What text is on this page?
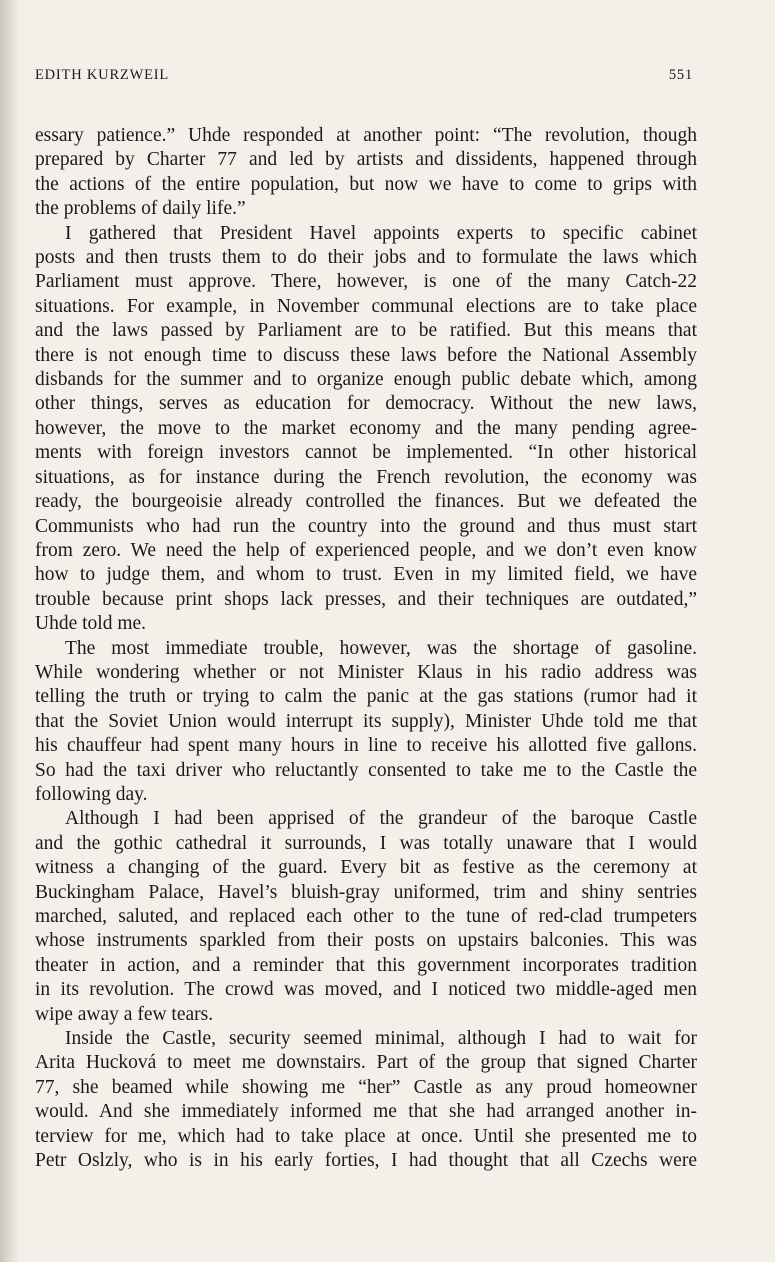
EDITH KURZWEIL	551
essary patience.” Uhde responded at another point: “The revolution, though
prepared by Charter 77 and led by artists and dissidents, happened through
the actions of the entire population, but now we have to come to grips with
the problems of daily life.”
I gathered that President Havel appoints experts to specific cabinet
posts and then trusts them to do their jobs and to formulate the laws which
Parliament must approve. There, however, is one of the many Catch-22
situations. For example, in November communal elections are to take place
and the laws passed by Parliament are to be ratified. But this means that
there is not enough time to discuss these laws before the National Assembly
disbands for the summer and to organize enough public debate which, among
other things, serves as education for democracy. Without the new laws,
however, the move to the market economy and the many pending agree-
ments with foreign investors cannot be implemented. “In other historical
situations, as for instance during the French revolution, the economy was
ready, the bourgeoisie already controlled the finances. But we defeated the
Communists who had run the country into the ground and thus must start
from zero. We need the help of experienced people, and we don’t even know
how to judge them, and whom to trust. Even in my limited field, we have
trouble because print shops lack presses, and their techniques are outdated,”
Uhde told me.
The most immediate trouble, however, was the shortage of gasoline.
While wondering whether or not Minister Klaus in his radio address was
telling the truth or trying to calm the panic at the gas stations (rumor had it
that the Soviet Union would interrupt its supply), Minister Uhde told me that
his chauffeur had spent many hours in line to receive his allotted five gallons.
So had the taxi driver who reluctantly consented to take me to the Castle the
following day.
Although I had been apprised of the grandeur of the baroque Castle
and the gothic cathedral it surrounds, I was totally unaware that I would
witness a changing of the guard. Every bit as festive as the ceremony at
Buckingham Palace, Havel’s bluish-gray uniformed, trim and shiny sentries
marched, saluted, and replaced each other to the tune of red-clad trumpeters
whose instruments sparkled from their posts on upstairs balconies. This was
theater in action, and a reminder that this government incorporates tradition
in its revolution. The crowd was moved, and I noticed two middle-aged men
wipe away a few tears.
Inside the Castle, security seemed minimal, although I had to wait for
Arita Hucková to meet me downstairs. Part of the group that signed Charter
77, she beamed while showing me “her” Castle as any proud homeowner
would. And she immediately informed me that she had arranged another in-
terview for me, which had to take place at once. Until she presented me to
Petr Oslzly, who is in his early forties, I had thought that all Czechs were
